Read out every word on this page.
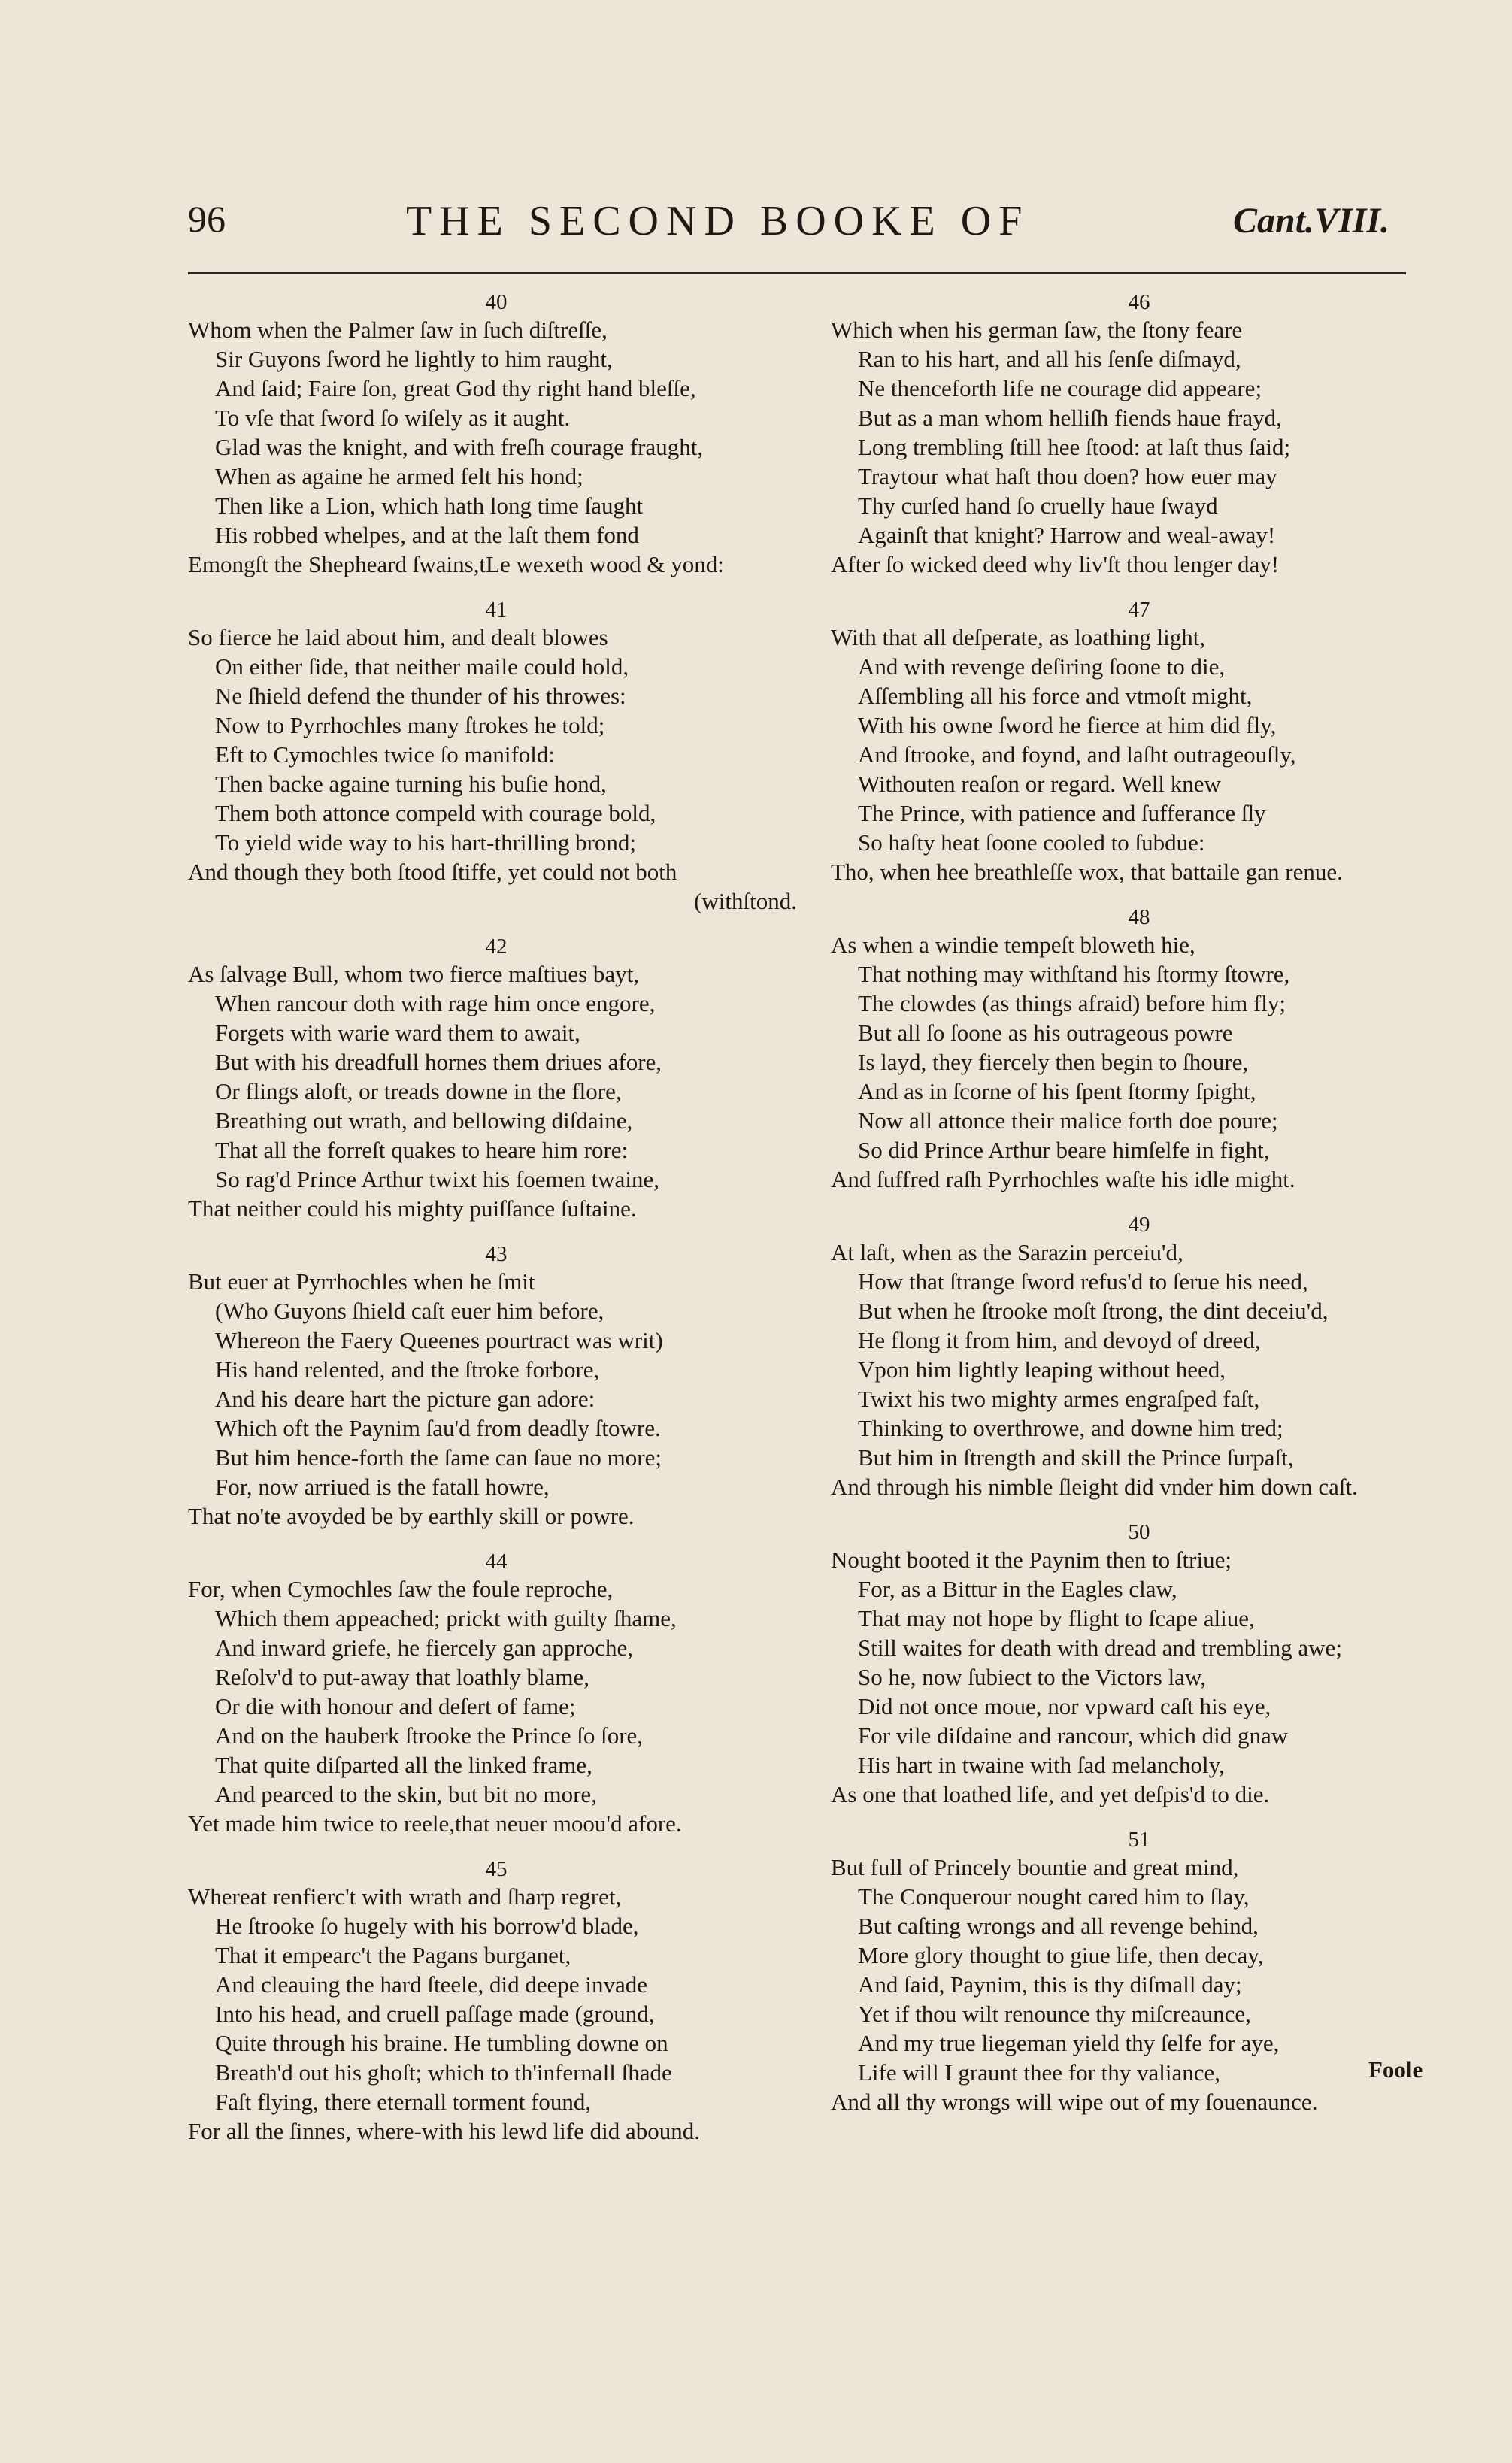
96	THE SECOND BOOKE OF	Cant.VIII.
40
Whom when the Palmer ſaw in ſuch diſtreſſe,
Sir Guyons ſword he lightly to him raught,
And ſaid; Faire ſon, great God thy right hand bleſſe,
To vſe that ſword ſo wiſely as it aught.
Glad was the knight, and with freſh courage fraught,
When as againe he armed felt his hond;
Then like a Lion, which hath long time ſaught
His robbed whelpes, and at the laſt them fond
Emongſt the Shepheard ſwains,tLe wexeth wood & yond:
41
So fierce he laid about him, and dealt blowes
On either ſide, that neither maile could hold,
Ne ſhield defend the thunder of his throwes:
Now to Pyrrhochles many ſtrokes he told;
Eft to Cymochles twice ſo manifold:
Then backe againe turning his buſie hond,
Them both attonce compeld with courage bold,
To yield wide way to his hart-thrilling brond;
And though they both ſtood ſtiffe, yet could not both
(withſtond.
42
As ſalvage Bull, whom two fierce maſtiues bayt,
When rancour doth with rage him once engore,
Forgets with warie ward them to await,
But with his dreadfull hornes them driues afore,
Or flings aloft, or treads downe in the flore,
Breathing out wrath, and bellowing diſdaine,
That all the forreſt quakes to heare him rore:
So rag'd Prince Arthur twixt his foemen twaine,
That neither could his mighty puiſſance ſuſtaine.
43
But euer at Pyrrhochles when he ſmit
(Who Guyons ſhield caſt euer him before,
Whereon the Faery Queenes pourtract was writ)
His hand relented, and the ſtroke forbore,
And his deare hart the picture gan adore:
Which oft the Paynim ſau'd from deadly ſtowre.
But him hence-forth the ſame can ſaue no more;
For, now arriued is the fatall howre,
That no'te avoyded be by earthly skill or powre.
44
For, when Cymochles ſaw the foule reproche,
Which them appeached; prickt with guilty ſhame,
And inward griefe, he fiercely gan approche,
Reſolv'd to put-away that loathly blame,
Or die with honour and deſert of fame;
And on the hauberk ſtrooke the Prince ſo ſore,
That quite diſparted all the linked frame,
And pearced to the skin, but bit no more,
Yet made him twice to reele,that neuer moou'd afore.
45
Whereat renfierc't with wrath and ſharp regret,
He ſtrooke ſo hugely with his borrow'd blade,
That it empearc't the Pagans burganet,
And cleauing the hard ſteele, did deepe invade
Into his head, and cruell paſſage made (ground,
Quite through his braine. He tumbling downe on
Breath'd out his ghoſt; which to th'infernall ſhade
Faſt flying, there eternall torment found,
For all the ſinnes, where-with his lewd life did abound.
46
Which when his german ſaw, the ſtony feare
Ran to his hart, and all his ſenſe diſmayd,
Ne thenceforth life ne courage did appeare;
But as a man whom helliſh fiends haue frayd,
Long trembling ſtill hee ſtood: at laſt thus ſaid;
Traytour what haſt thou doen? how euer may
Thy curſed hand ſo cruelly haue ſwayd
Againſt that knight? Harrow and weal-away!
After ſo wicked deed why liv'ſt thou lenger day!
47
With that all deſperate, as loathing light,
And with revenge deſiring ſoone to die,
Aſſembling all his force and vtmoſt might,
With his owne ſword he fierce at him did fly,
And ſtrooke, and foynd, and laſht outrageouſly,
Withouten reaſon or regard. Well knew
The Prince, with patience and ſufferance ſly
So haſty heat ſoone cooled to ſubdue:
Tho, when hee breathleſſe wox, that battaile gan renue.
48
As when a windie tempeſt bloweth hie,
That nothing may withſtand his ſtormy ſtowre,
The clowdes (as things afraid) before him fly;
But all ſo ſoone as his outrageous powre
Is layd, they fiercely then begin to ſhoure,
And as in ſcorne of his ſpent ſtormy ſpight,
Now all attonce their malice forth doe poure;
So did Prince Arthur beare himſelfe in fight,
And ſuffred raſh Pyrrhochles waſte his idle might.
49
At laſt, when as the Sarazin perceiu'd,
How that ſtrange ſword refus'd to ſerue his need,
But when he ſtrooke moſt ſtrong, the dint deceiu'd,
He flong it from him, and devoyd of dreed,
Vpon him lightly leaping without heed,
Twixt his two mighty armes engraſped faſt,
Thinking to overthrowe, and downe him tred;
But him in ſtrength and skill the Prince ſurpaſt,
And through his nimble ſleight did vnder him down caſt.
50
Nought booted it the Paynim then to ſtriue;
For, as a Bittur in the Eagles claw,
That may not hope by flight to ſcape aliue,
Still waites for death with dread and trembling awe;
So he, now ſubiect to the Victors law,
Did not once moue, nor vpward caſt his eye,
For vile diſdaine and rancour, which did gnaw
His hart in twaine with ſad melancholy,
As one that loathed life, and yet deſpis'd to die.
51
But full of Princely bountie and great mind,
The Conquerour nought cared him to ſlay,
But caſting wrongs and all revenge behind,
More glory thought to giue life, then decay,
And ſaid, Paynim, this is thy diſmall day;
Yet if thou wilt renounce thy miſcreaunce,
And my true liegeman yield thy ſelfe for aye,
Life will I graunt thee for thy valiance,
And all thy wrongs will wipe out of my ſouenaunce.
Foole
